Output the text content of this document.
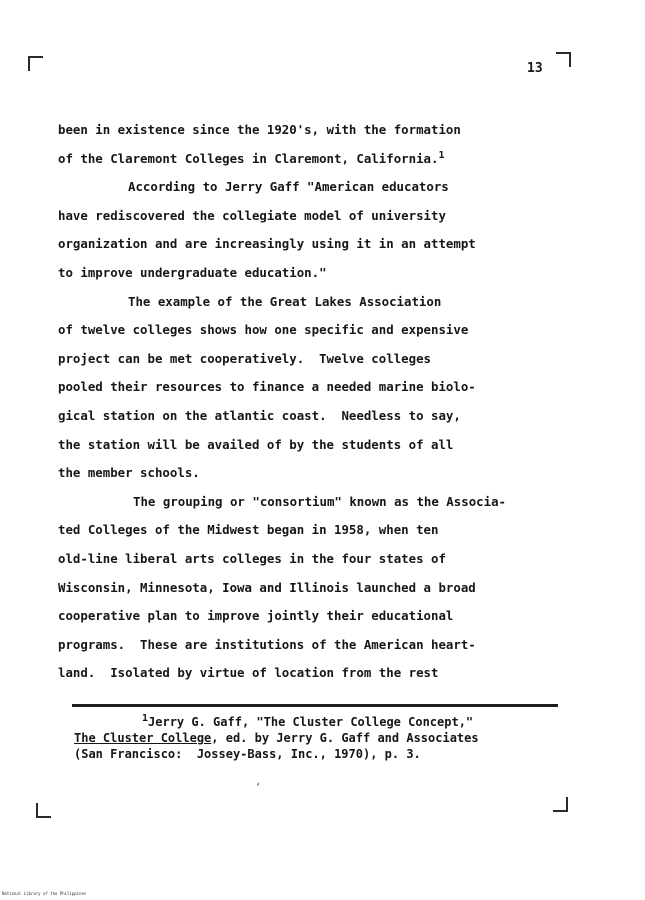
13
been in existence since the 1920's, with the formation
of the Claremont Colleges in Claremont, California.$^1$
According to Jerry Gaff "American educators
have rediscovered the collegiate model of university
organization and are increasingly using it in an attempt
to improve undergraduate education."
The example of the Great Lakes Association
of twelve colleges shows how one specific and expensive
project can be met cooperatively.  Twelve colleges
pooled their resources to finance a needed marine biolo-
gical station on the atlantic coast.  Needless to say,
the station will be availed of by the students of all
the member schools.
The grouping or "consortium" known as the Associa-
ted Colleges of the Midwest began in 1958, when ten
old-line liberal arts colleges in the four states of
Wisconsin, Minnesota, Iowa and Illinois launched a broad
cooperative plan to improve jointly their educational
programs.  These are institutions of the American heart-
land.  Isolated by virtue of location from the rest
$^1$Jerry G. Gaff, "The Cluster College Concept,"
The Cluster College, ed. by Jerry G. Gaff and Associates
(San Francisco:  Jossey-Bass, Inc., 1970), p. 3.
ʻ
National Library of the Philippines
